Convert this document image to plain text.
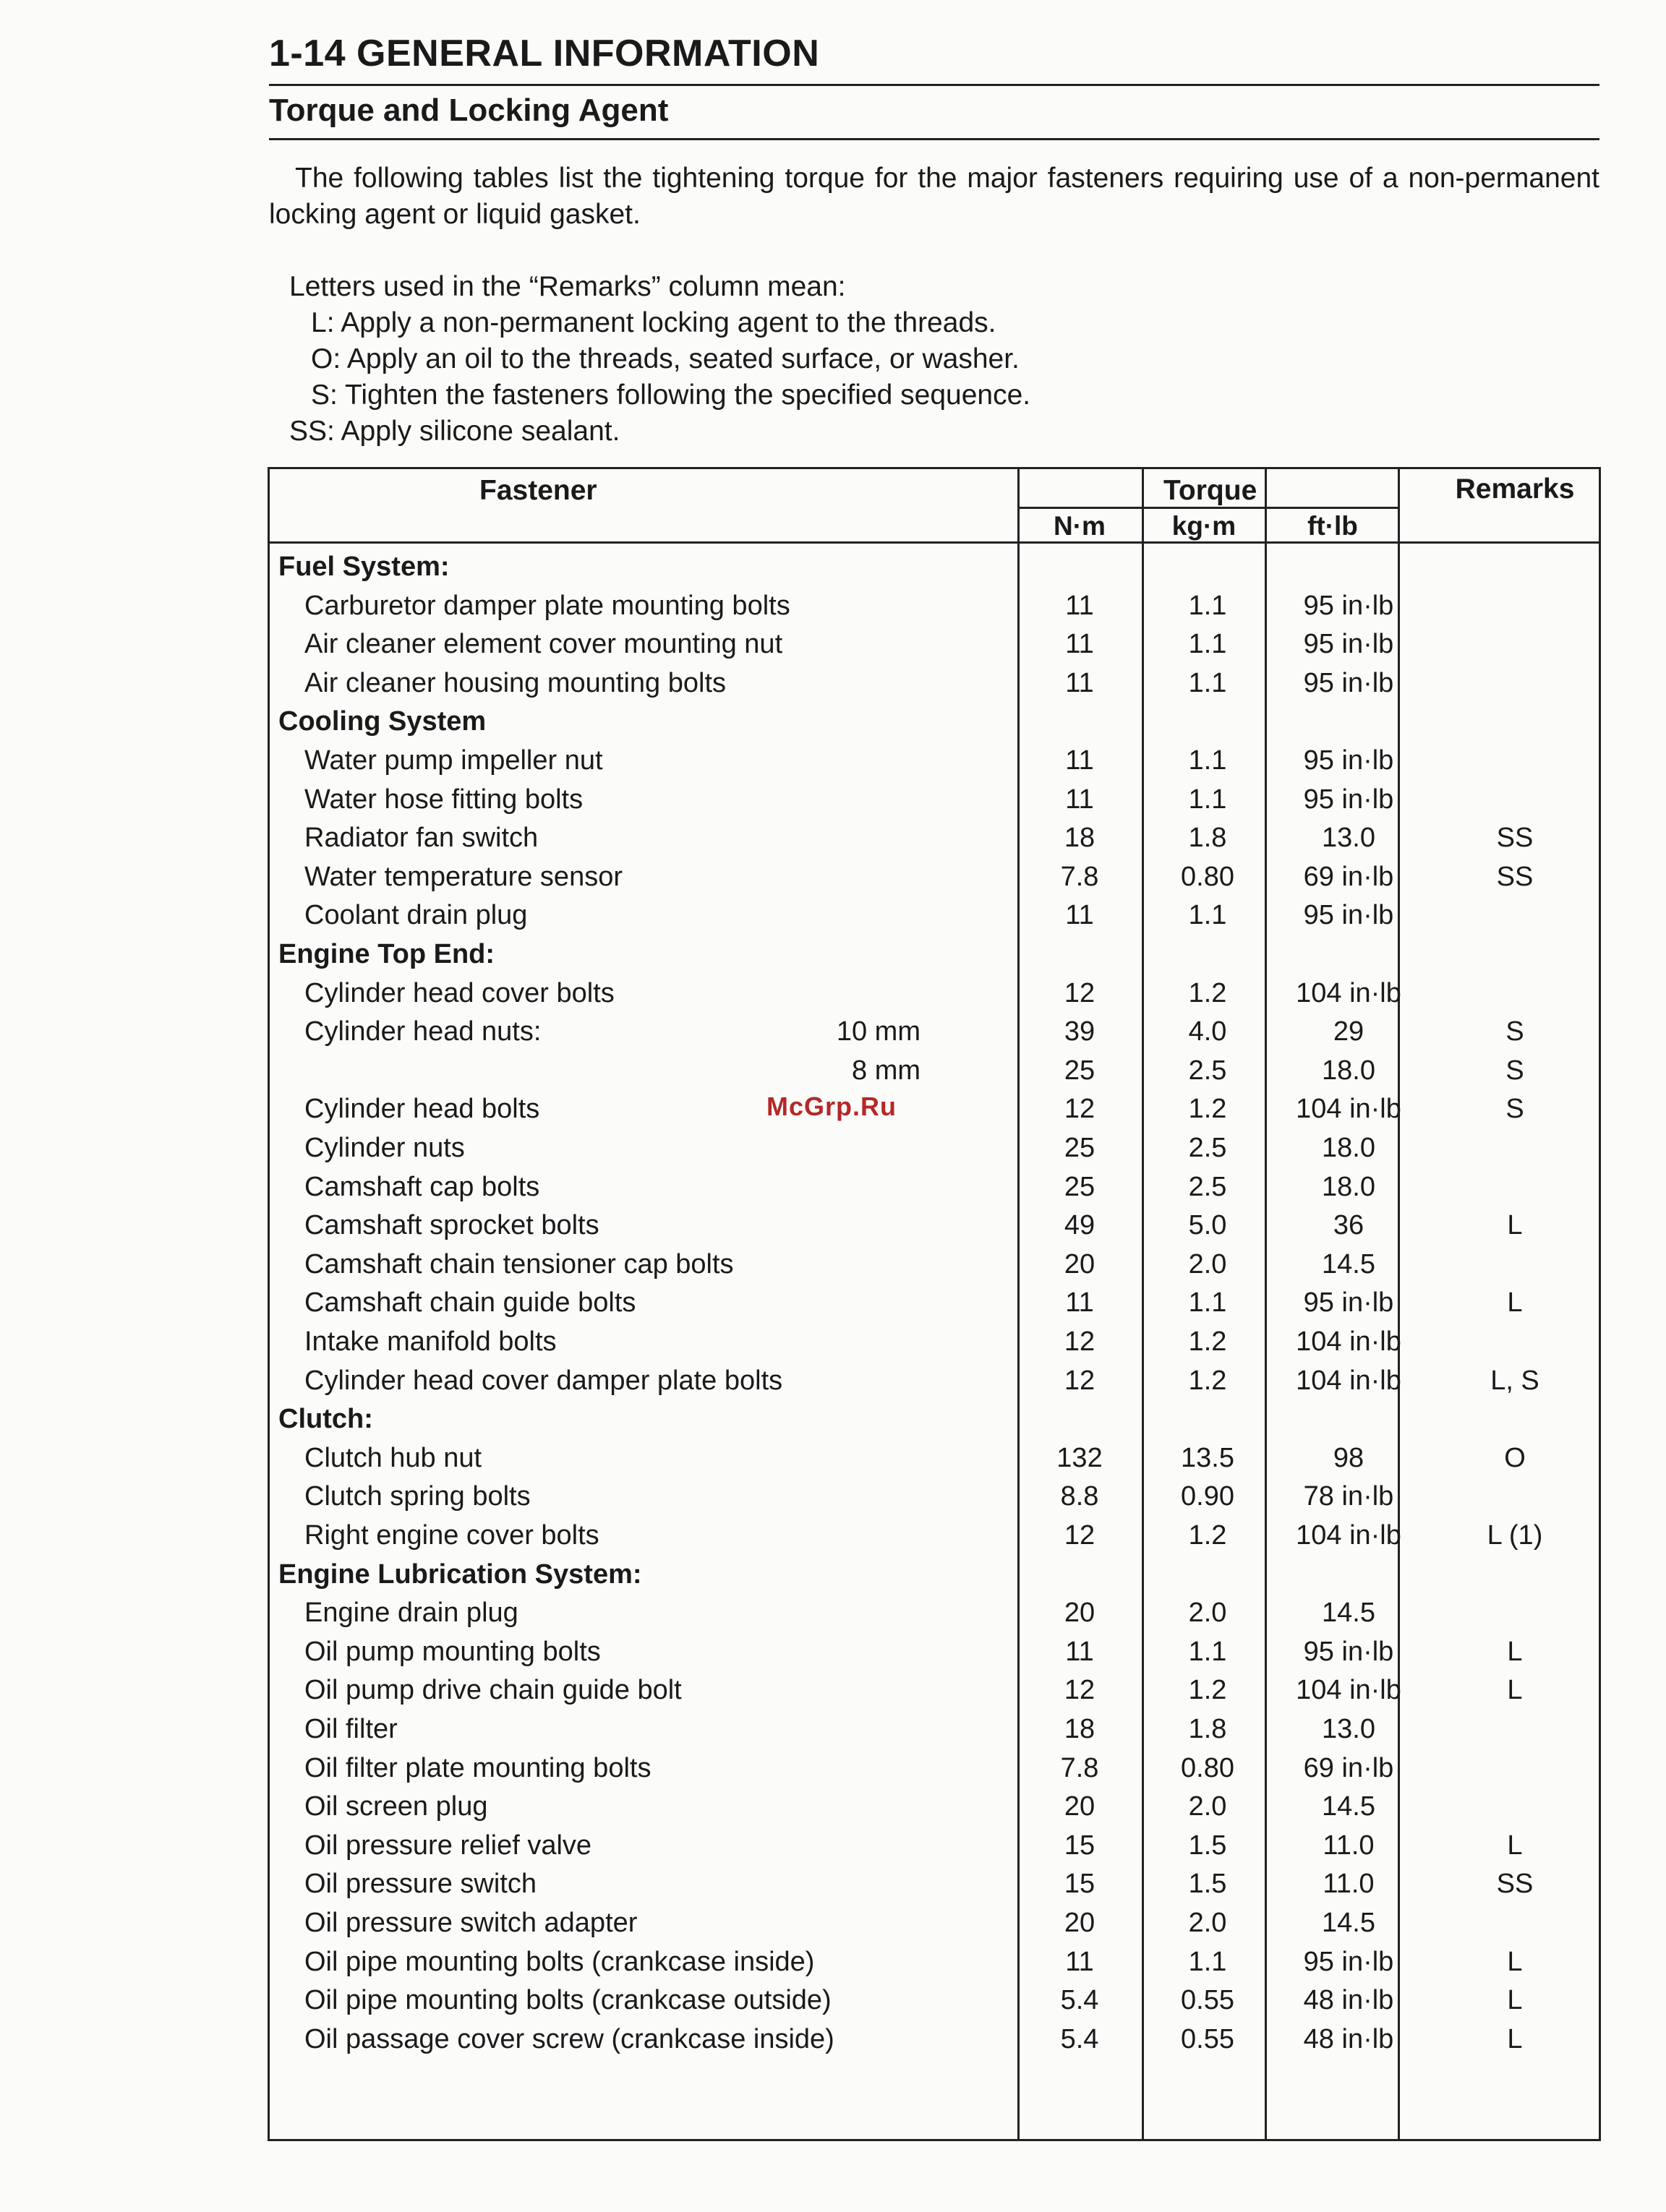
1-14 GENERAL INFORMATION
Torque and Locking Agent
The following tables list the tightening torque for the major fasteners requiring use of a non-permanent locking agent or liquid gasket.
Letters used in the “Remarks” column mean:
L: Apply a non-permanent locking agent to the threads.
O: Apply an oil to the threads, seated surface, or washer.
S: Tighten the fasteners following the specified sequence.
SS: Apply silicone sealant.
Fastener	Torque	Remarks
N·m	kg·m	ft·lb
Fuel System:
Carburetor damper plate mounting bolts	11	1.1	95 in·lb
Air cleaner element cover mounting nut	11	1.1	95 in·lb
Air cleaner housing mounting bolts	11	1.1	95 in·lb
Cooling System
Water pump impeller nut	11	1.1	95 in·lb
Water hose fitting bolts	11	1.1	95 in·lb
Radiator fan switch	18	1.8	13.0	SS
Water temperature sensor	7.8	0.80	69 in·lb	SS
Coolant drain plug	11	1.1	95 in·lb
Engine Top End:
Cylinder head cover bolts	12	1.2	104 in·lb
Cylinder head nuts:	10 mm	39	4.0	29	S
8 mm	25	2.5	18.0	S
Cylinder head bolts	12	1.2	104 in·lb	S
Cylinder nuts	25	2.5	18.0
Camshaft cap bolts	25	2.5	18.0
Camshaft sprocket bolts	49	5.0	36	L
Camshaft chain tensioner cap bolts	20	2.0	14.5
Camshaft chain guide bolts	11	1.1	95 in·lb	L
Intake manifold bolts	12	1.2	104 in·lb
Cylinder head cover damper plate bolts	12	1.2	104 in·lb	L, S
Clutch:
Clutch hub nut	132	13.5	98	O
Clutch spring bolts	8.8	0.90	78 in·lb
Right engine cover bolts	12	1.2	104 in·lb	L (1)
Engine Lubrication System:
Engine drain plug	20	2.0	14.5
Oil pump mounting bolts	11	1.1	95 in·lb	L
Oil pump drive chain guide bolt	12	1.2	104 in·lb	L
Oil filter	18	1.8	13.0
Oil filter plate mounting bolts	7.8	0.80	69 in·lb
Oil screen plug	20	2.0	14.5
Oil pressure relief valve	15	1.5	11.0	L
Oil pressure switch	15	1.5	11.0	SS
Oil pressure switch adapter	20	2.0	14.5
Oil pipe mounting bolts (crankcase inside)	11	1.1	95 in·lb	L
Oil pipe mounting bolts (crankcase outside)	5.4	0.55	48 in·lb	L
Oil passage cover screw (crankcase inside)	5.4	0.55	48 in·lb	L
McGrp.Ru
